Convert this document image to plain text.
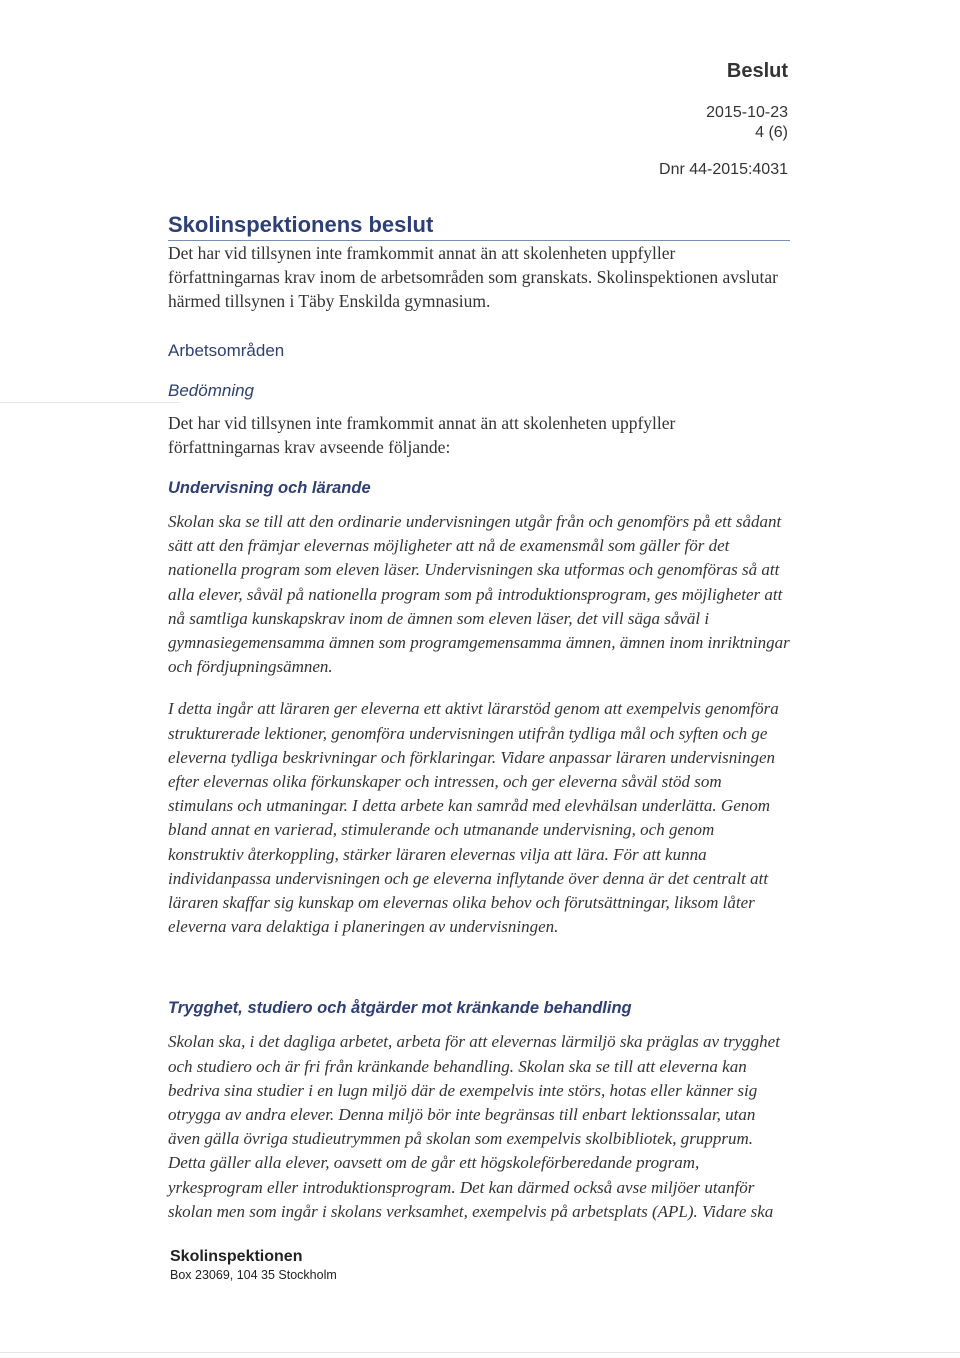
Beslut
2015-10-23
4 (6)
Dnr 44-2015:4031
Skolinspektionens beslut

Det har vid tillsynen inte framkommit annat än att skolenheten uppfyller författningarnas krav inom de arbetsområden som granskats. Skolinspektionen avslutar härmed tillsynen i Täby Enskilda gymnasium.

Arbetsområden
Bedömning

Det har vid tillsynen inte framkommit annat än att skolenheten uppfyller författningarnas krav avseende följande:

Undervisning och lärande

Skolan ska se till att den ordinarie undervisningen utgår från och genomförs på ett sådant sätt att den främjar elevernas möjligheter att nå de examensmål som gäller för det nationella program som eleven läser. Undervisningen ska utformas och genomföras så att alla elever, såväl på nationella program som på introduktionsprogram, ges möjligheter att nå samtliga kunskapskrav inom de ämnen som eleven läser, det vill säga såväl i gymnasiegemensamma ämnen som programgemensamma ämnen, ämnen inom inriktningar och fördjupningsämnen.

I detta ingår att läraren ger eleverna ett aktivt lärarstöd genom att exempelvis genomföra strukturerade lektioner, genomföra undervisningen utifrån tydliga mål och syften och ge eleverna tydliga beskrivningar och förklaringar. Vidare anpassar läraren undervisningen efter elevernas olika förkunskaper och intressen, och ger eleverna såväl stöd som stimulans och utmaningar. I detta arbete kan samråd med elevhälsan underlätta. Genom bland annat en varierad, stimulerande och utmanande undervisning, och genom konstruktiv återkoppling, stärker läraren elevernas vilja att lära. För att kunna individanpassa undervisningen och ge eleverna inflytande över denna är det centralt att läraren skaffar sig kunskap om elevernas olika behov och förutsättningar, liksom låter eleverna vara delaktiga i planeringen av undervisningen.

Trygghet, studiero och åtgärder mot kränkande behandling

Skolan ska, i det dagliga arbetet, arbeta för att elevernas lärmiljö ska präglas av trygghet och studiero och är fri från kränkande behandling. Skolan ska se till att eleverna kan bedriva sina studier i en lugn miljö där de exempelvis inte störs, hotas eller känner sig otrygga av andra elever. Denna miljö bör inte begränsas till enbart lektionssalar, utan även gälla övriga studieutrymmen på skolan som exempelvis skolbibliotek, grupprum. Detta gäller alla elever, oavsett om de går ett högskoleförberedande program, yrkesprogram eller introduktionsprogram. Det kan därmed också avse miljöer utanför skolan men som ingår i skolans verksamhet, exempelvis på arbetsplats (APL). Vidare ska

Skolinspektionen
Box 23069, 104 35 Stockholm
